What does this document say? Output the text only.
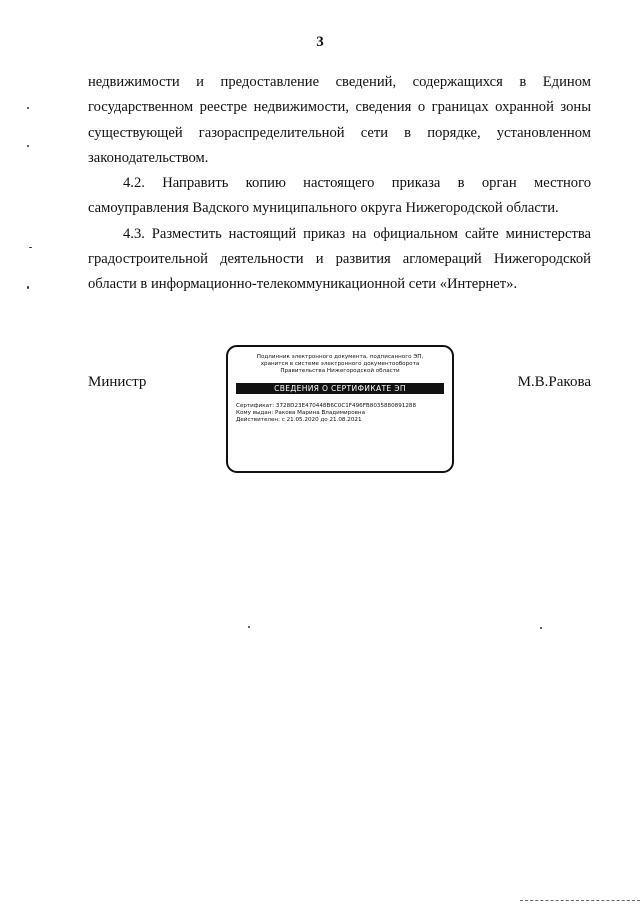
3

недвижимости и предоставление сведений, содержащихся в Едином государственном реестре недвижимости, сведения о границах охранной зоны существующей газораспределительной сети в порядке, установленном законодательством.

4.2. Направить копию настоящего приказа в орган местного самоуправления Вадского муниципального округа Нижегородской области.

4.3. Разместить настоящий приказ на официальном сайте министерства градостроительной деятельности и развития агломераций Нижегородской области в информационно-телекоммуникационной сети «Интернет».

Министр	М.В.Ракова
Подлинник электронного документа, подписанного ЭП,
хранится в системе электронного документооборота
Правительства Нижегородской области
СВЕДЕНИЯ О СЕРТИФИКАТЕ ЭП
Сертификат: 3728D23E470448B6C0C1F496FB8035880891288
Кому выдан: Ракова Марина Владимировна
Действителен: с 21.05.2020 до 21.08.2021
